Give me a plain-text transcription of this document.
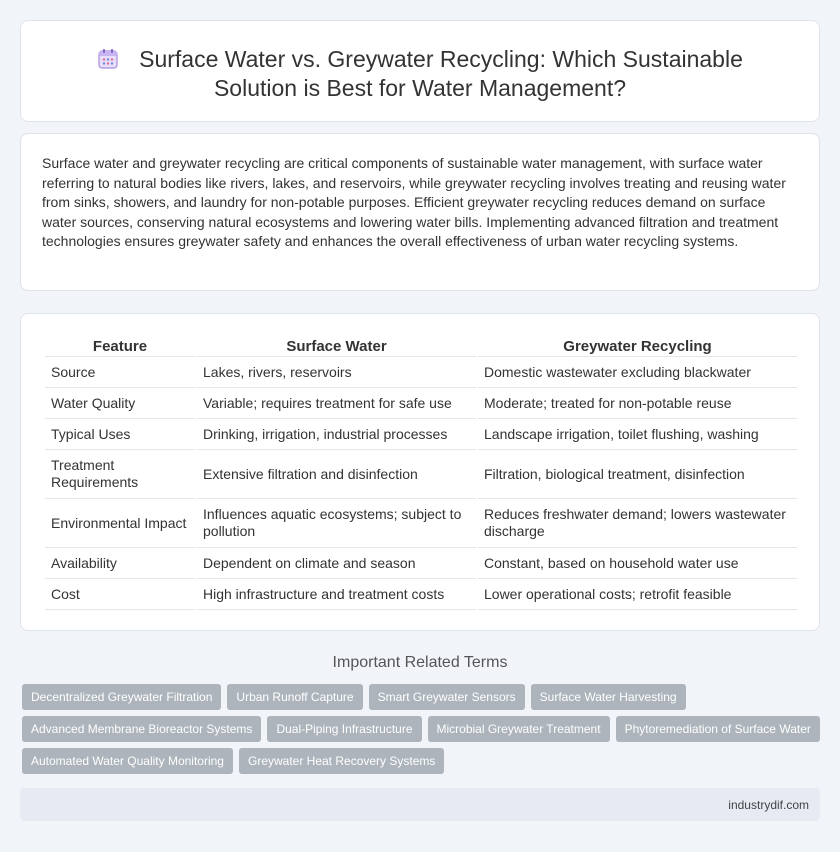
Surface Water vs. Greywater Recycling: Which Sustainable
Solution is Best for Water Management?

Surface water and greywater recycling are critical components of sustainable water management, with surface water referring to natural bodies like rivers, lakes, and reservoirs, while greywater recycling involves treating and reusing water from sinks, showers, and laundry for non-potable purposes. Efficient greywater recycling reduces demand on surface water sources, conserving natural ecosystems and lowering water bills. Implementing advanced filtration and treatment technologies ensures greywater safety and enhances the overall effectiveness of urban water recycling systems.

Feature	Surface Water	Greywater Recycling
Source	Lakes, rivers, reservoirs	Domestic wastewater excluding blackwater
Water Quality	Variable; requires treatment for safe use	Moderate; treated for non-potable reuse
Typical Uses	Drinking, irrigation, industrial processes	Landscape irrigation, toilet flushing, washing
Treatment Requirements	Extensive filtration and disinfection	Filtration, biological treatment, disinfection
Environmental Impact	Influences aquatic ecosystems; subject to pollution	Reduces freshwater demand; lowers wastewater discharge
Availability	Dependent on climate and season	Constant, based on household water use
Cost	High infrastructure and treatment costs	Lower operational costs; retrofit feasible
Important Related Terms
Decentralized Greywater Filtration	Urban Runoff Capture	Smart Greywater Sensors	Surface Water Harvesting
Advanced Membrane Bioreactor Systems	Dual-Piping Infrastructure	Microbial Greywater Treatment	Phytoremediation of Surface Water
Automated Water Quality Monitoring	Greywater Heat Recovery Systems
industrydif.com
